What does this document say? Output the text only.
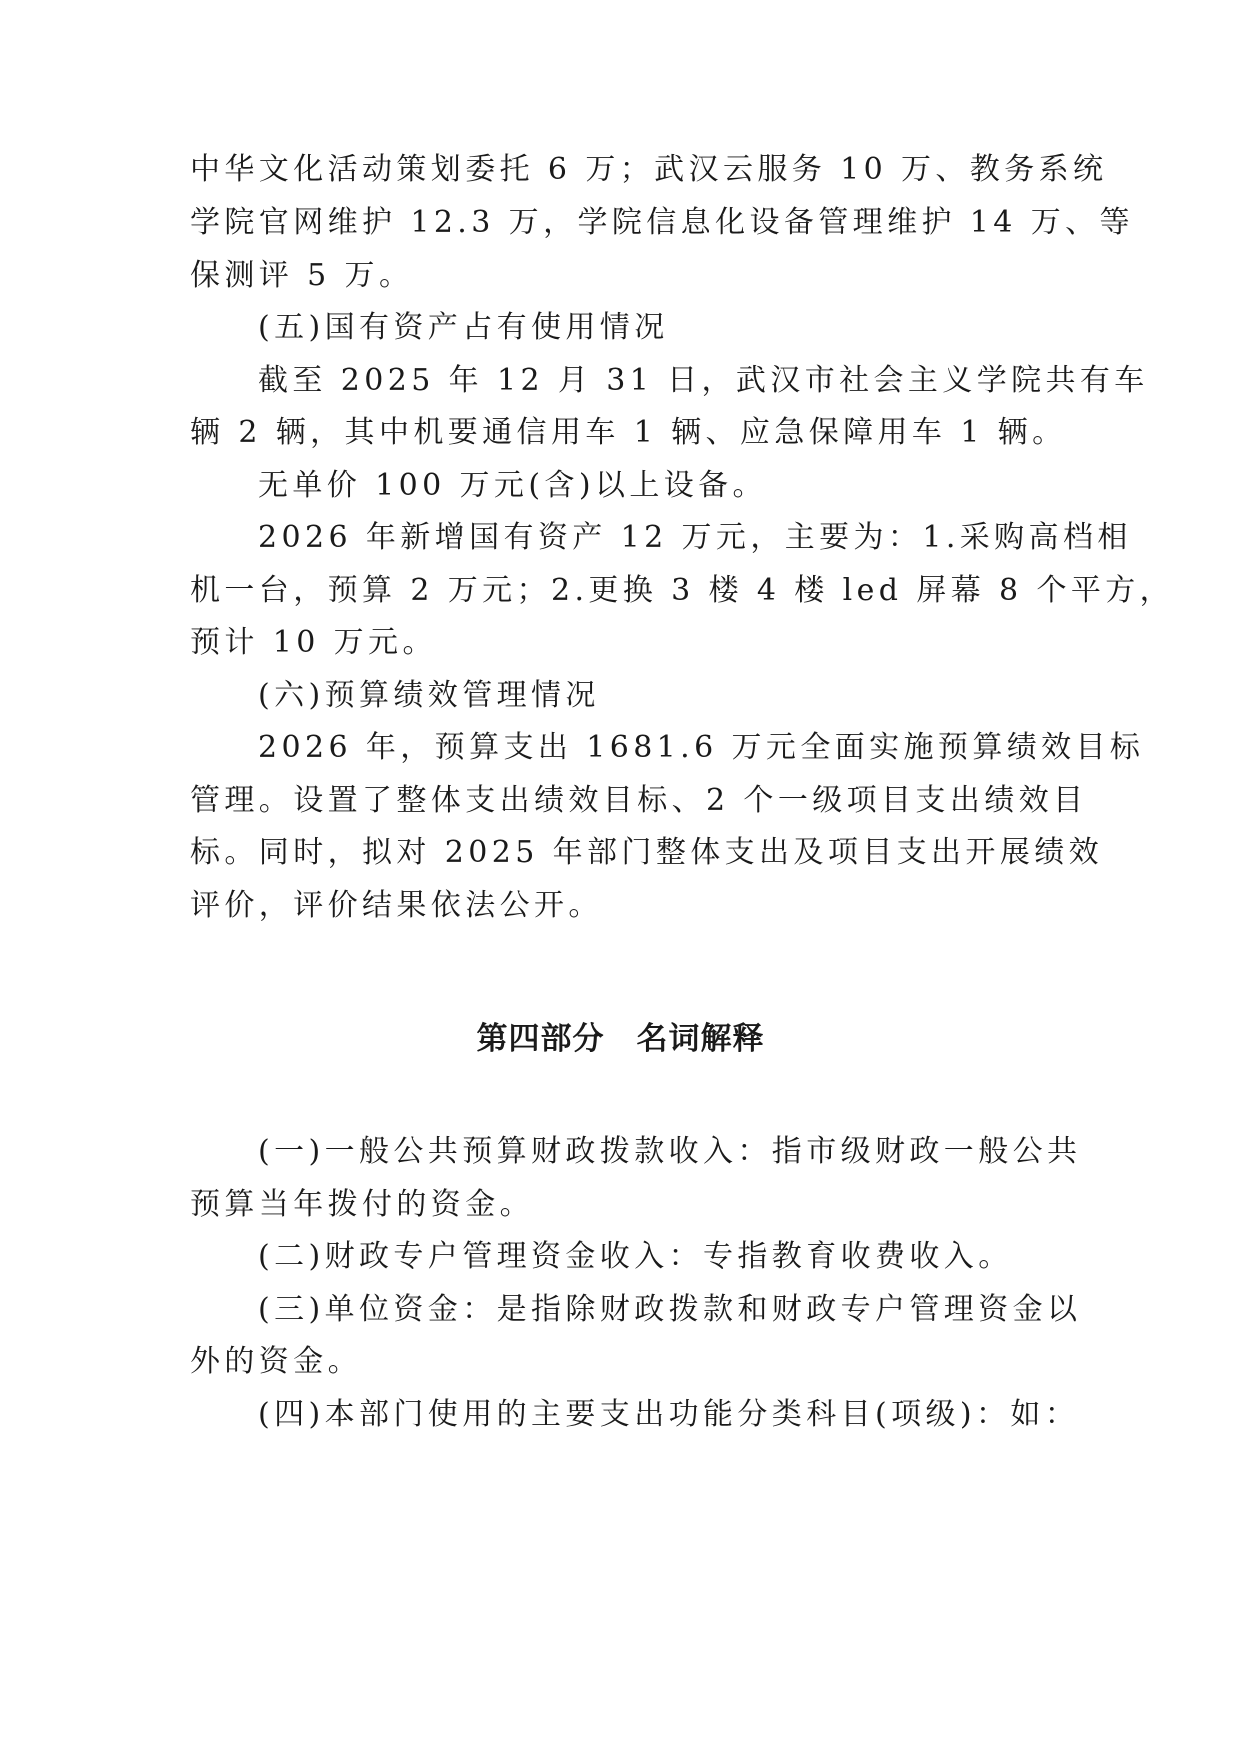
中华文化活动策划委托 6 万；武汉云服务 10 万、教务系统
学院官网维护 12.3 万，学院信息化设备管理维护 14 万、等
保测评 5 万。
(五)国有资产占有使用情况
截至 2025 年 12 月 31 日，武汉市社会主义学院共有车
辆 2 辆，其中机要通信用车 1 辆、应急保障用车 1 辆。
无单价 100 万元(含)以上设备。
2026 年新增国有资产 12 万元，主要为：1.采购高档相
机一台，预算 2 万元；2.更换 3 楼 4 楼 led 屏幕 8 个平方，
预计 10 万元。
(六)预算绩效管理情况
2026 年，预算支出 1681.6 万元全面实施预算绩效目标
管理。设置了整体支出绩效目标、2 个一级项目支出绩效目
标。同时，拟对 2025 年部门整体支出及项目支出开展绩效
评价，评价结果依法公开。
第四部分　名词解释
(一)一般公共预算财政拨款收入：指市级财政一般公共
预算当年拨付的资金。
(二)财政专户管理资金收入：专指教育收费收入。
(三)单位资金：是指除财政拨款和财政专户管理资金以
外的资金。
(四)本部门使用的主要支出功能分类科目(项级)：如：
